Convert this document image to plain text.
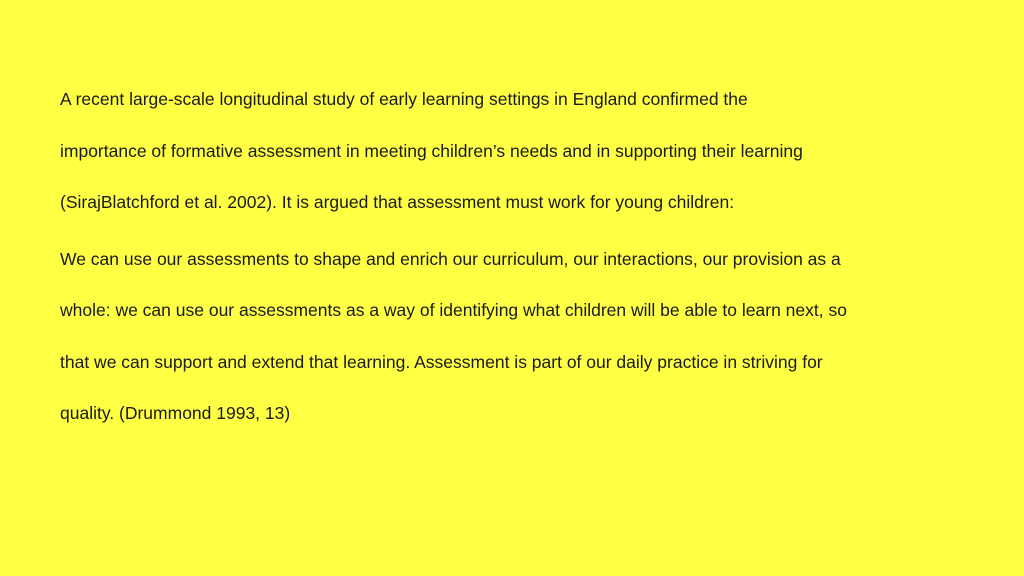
A recent large-scale longitudinal study of early learning settings in England confirmed the
importance of formative assessment in meeting children’s needs and in supporting their learning
(SirajBlatchford et al. 2002). It is argued that assessment must work for young children:

We can use our assessments to shape and enrich our curriculum, our interactions, our provision as a
whole: we can use our assessments as a way of identifying what children will be able to learn next, so
that we can support and extend that learning. Assessment is part of our daily practice in striving for
quality. (Drummond 1993, 13)
